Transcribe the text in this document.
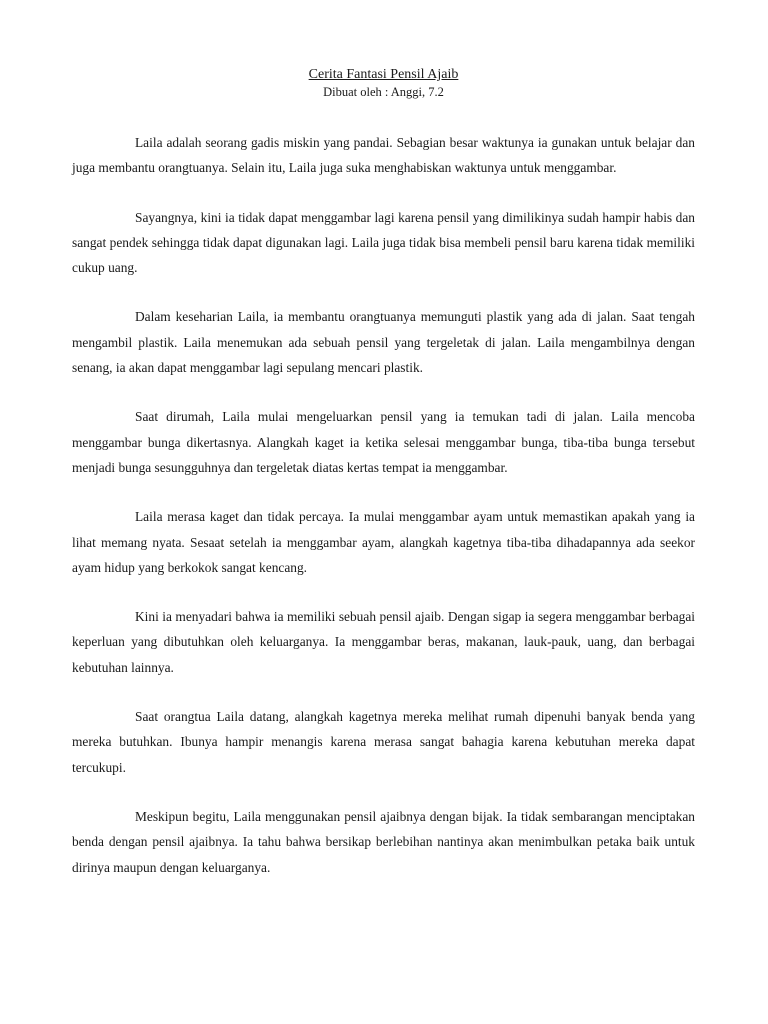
Cerita Fantasi Pensil Ajaib

Dibuat oleh : Anggi, 7.2

Laila adalah seorang gadis miskin yang pandai. Sebagian besar waktunya ia gunakan untuk belajar dan juga membantu orangtuanya. Selain itu, Laila juga suka menghabiskan waktunya untuk menggambar.

Sayangnya, kini ia tidak dapat menggambar lagi karena pensil yang dimilikinya sudah hampir habis dan sangat pendek sehingga tidak dapat digunakan lagi. Laila juga tidak bisa membeli pensil baru karena tidak memiliki cukup uang.

Dalam keseharian Laila, ia membantu orangtuanya memunguti plastik yang ada di jalan. Saat tengah mengambil plastik. Laila menemukan ada sebuah pensil yang tergeletak di jalan. Laila mengambilnya dengan senang, ia akan dapat menggambar lagi sepulang mencari plastik.

Saat dirumah, Laila mulai mengeluarkan pensil yang ia temukan tadi di jalan. Laila mencoba menggambar bunga dikertasnya. Alangkah kaget ia ketika selesai menggambar bunga, tiba-tiba bunga tersebut menjadi bunga sesungguhnya dan tergeletak diatas kertas tempat ia menggambar.

Laila merasa kaget dan tidak percaya. Ia mulai menggambar ayam untuk memastikan apakah yang ia lihat memang nyata. Sesaat setelah ia menggambar ayam, alangkah kagetnya tiba-tiba dihadapannya ada seekor ayam hidup yang berkokok sangat kencang.

Kini ia menyadari bahwa ia memiliki sebuah pensil ajaib. Dengan sigap ia segera menggambar berbagai keperluan yang dibutuhkan oleh keluarganya. Ia menggambar beras, makanan, lauk-pauk, uang, dan berbagai kebutuhan lainnya.

Saat orangtua Laila datang, alangkah kagetnya mereka melihat rumah dipenuhi banyak benda yang mereka butuhkan. Ibunya hampir menangis karena merasa sangat bahagia karena kebutuhan mereka dapat tercukupi.

Meskipun begitu, Laila menggunakan pensil ajaibnya dengan bijak. Ia tidak sembarangan menciptakan benda dengan pensil ajaibnya. Ia tahu bahwa bersikap berlebihan nantinya akan menimbulkan petaka baik untuk dirinya maupun dengan keluarganya.
